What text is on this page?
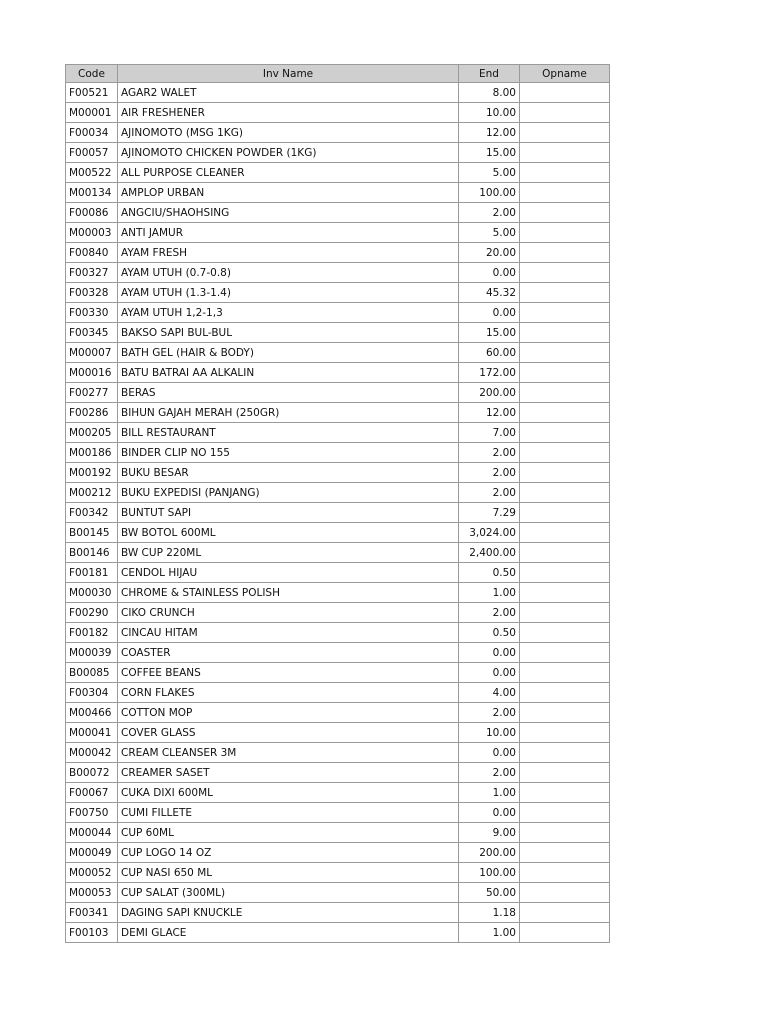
Code	Inv Name	End	Opname
F00521	AGAR2 WALET	8.00	
M00001	AIR FRESHENER	10.00	
F00034	AJINOMOTO (MSG 1KG)	12.00	
F00057	AJINOMOTO CHICKEN POWDER (1KG)	15.00	
M00522	ALL PURPOSE CLEANER	5.00	
M00134	AMPLOP URBAN	100.00	
F00086	ANGCIU/SHAOHSING	2.00	
M00003	ANTI JAMUR	5.00	
F00840	AYAM FRESH	20.00	
F00327	AYAM UTUH (0.7-0.8)	0.00	
F00328	AYAM UTUH (1.3-1.4)	45.32	
F00330	AYAM UTUH 1,2-1,3	0.00	
F00345	BAKSO SAPI BUL-BUL	15.00	
M00007	BATH GEL (HAIR & BODY)	60.00	
M00016	BATU BATRAI AA ALKALIN	172.00	
F00277	BERAS	200.00	
F00286	BIHUN GAJAH MERAH (250GR)	12.00	
M00205	BILL RESTAURANT	7.00	
M00186	BINDER CLIP NO 155	2.00	
M00192	BUKU BESAR	2.00	
M00212	BUKU EXPEDISI (PANJANG)	2.00	
F00342	BUNTUT SAPI	7.29	
B00145	BW BOTOL 600ML	3,024.00	
B00146	BW CUP 220ML	2,400.00	
F00181	CENDOL HIJAU	0.50	
M00030	CHROME & STAINLESS POLISH	1.00	
F00290	CIKO CRUNCH	2.00	
F00182	CINCAU HITAM	0.50	
M00039	COASTER	0.00	
B00085	COFFEE BEANS	0.00	
F00304	CORN FLAKES	4.00	
M00466	COTTON MOP	2.00	
M00041	COVER GLASS	10.00	
M00042	CREAM CLEANSER 3M	0.00	
B00072	CREAMER SASET	2.00	
F00067	CUKA DIXI 600ML	1.00	
F00750	CUMI FILLETE	0.00	
M00044	CUP 60ML	9.00	
M00049	CUP LOGO 14 OZ	200.00	
M00052	CUP NASI 650 ML	100.00	
M00053	CUP SALAT (300ML)	50.00	
F00341	DAGING SAPI KNUCKLE	1.18	
F00103	DEMI GLACE	1.00	
